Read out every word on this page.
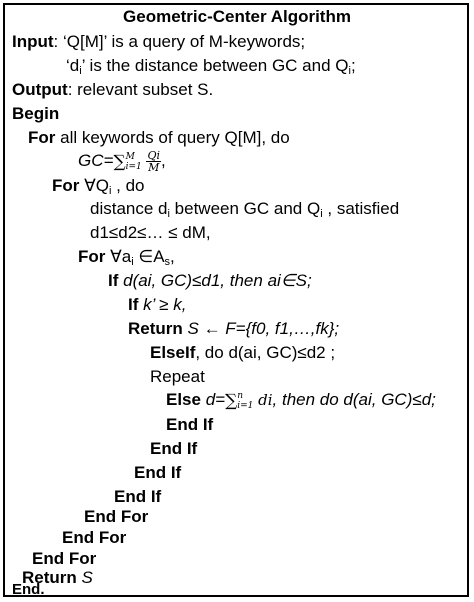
Geometric-Center Algorithm
Input: ‘Q[M]’ is a query of M-keywords;
‘$d_i$’ is the distance between GC and $Q_i$;
Output: relevant subset S.
Begin
For all keywords of query Q[M], do
GC=∑ M
i=1
$\frac{Qi}{M}$ ,
For $\forall Q_i$ , do
distance $d_i$ between GC and $Q_i$ , satisfied
d1≤d2≤… ≤ dM,
For $\forall a_i$ $\in A_s$,
If d(ai, GC)≤d1, then ai∈S;
If k’ ≥ k,
Return S ← F={f0, f1,…,fk};
ElseIf, do d(ai, GC)≤d2 ;
Repeat
Else d=∑ n
i=1 di, then do d(ai, GC)≤d;
End If
End If
End If
End If
End For
End For
End For
Return S
End.
